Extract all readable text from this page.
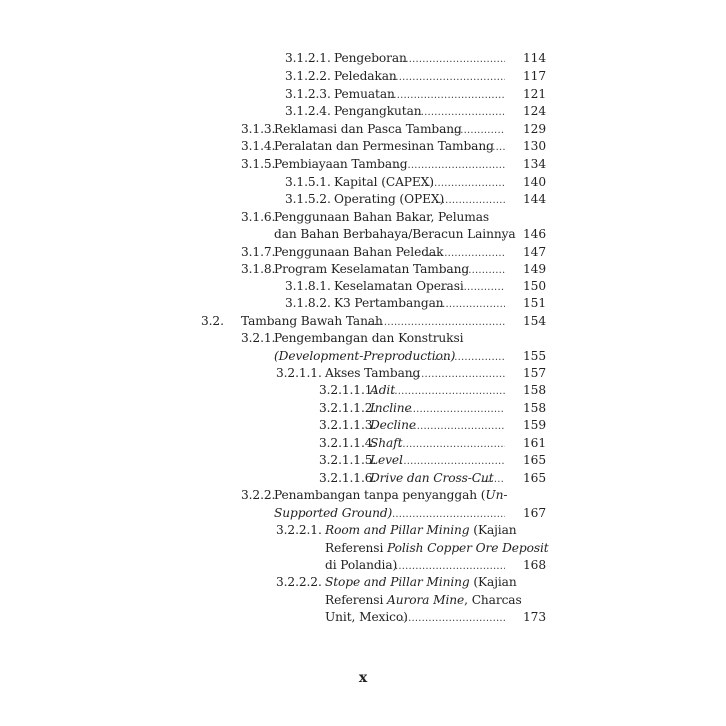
3.1.2.1. Pengeboran .....	114
3.1.2.2. Peledakan .....	117
3.1.2.3. Pemuatan .....	121
3.1.2.4. Pengangkutan .....	124
3.1.3.
Reklamasi dan Pasca Tambang .....	129
3.1.4.
Peralatan dan Permesinan Tambang .....	130
3.1.5.
Pembiayaan Tambang .....	134
3.1.5.1. Kapital (CAPEX) .....	140
3.1.5.2. Operating (OPEX) .....	144
3.1.6.
Penggunaan Bahan Bakar, Pelumas
dan Bahan Berbahaya/Beracun Lainnya ..... 146
3.1.7.
Penggunaan Bahan Peledak .....	147
3.1.8.
Program Keselamatan Tambang .....	149
3.1.8.1. Keselamatan Operasi .....	150
3.1.8.2. K3 Pertambangan .....	151
3.2. Tambang Bawah Tanah .....	154
3.2.1.
Pengembangan dan Konstruksi
(Development-Preproduction) .....	155
3.2.1.1. Akses Tambang .....	157
3.2.1.1.1.
Adit .....	158
3.2.1.1.2.
Incline .....	158
3.2.1.1.3.
Decline .....	159
3.2.1.1.4.
Shaft .....	161
3.2.1.1.5.
Level .....	165
3.2.1.1.6.
Drive dan Cross-Cut .....	165
3.2.2.
Penambangan tanpa penyanggah (Un-
Supported Ground) .....	167
3.2.2.1. Room and Pillar Mining (Kajian
Referensi Polish Copper Ore Deposit
di Polandia) .....	168
3.2.2.2. Stope and Pillar Mining (Kajian
Referensi Aurora Mine, Charcas
Unit, Mexico) .....	173
x
